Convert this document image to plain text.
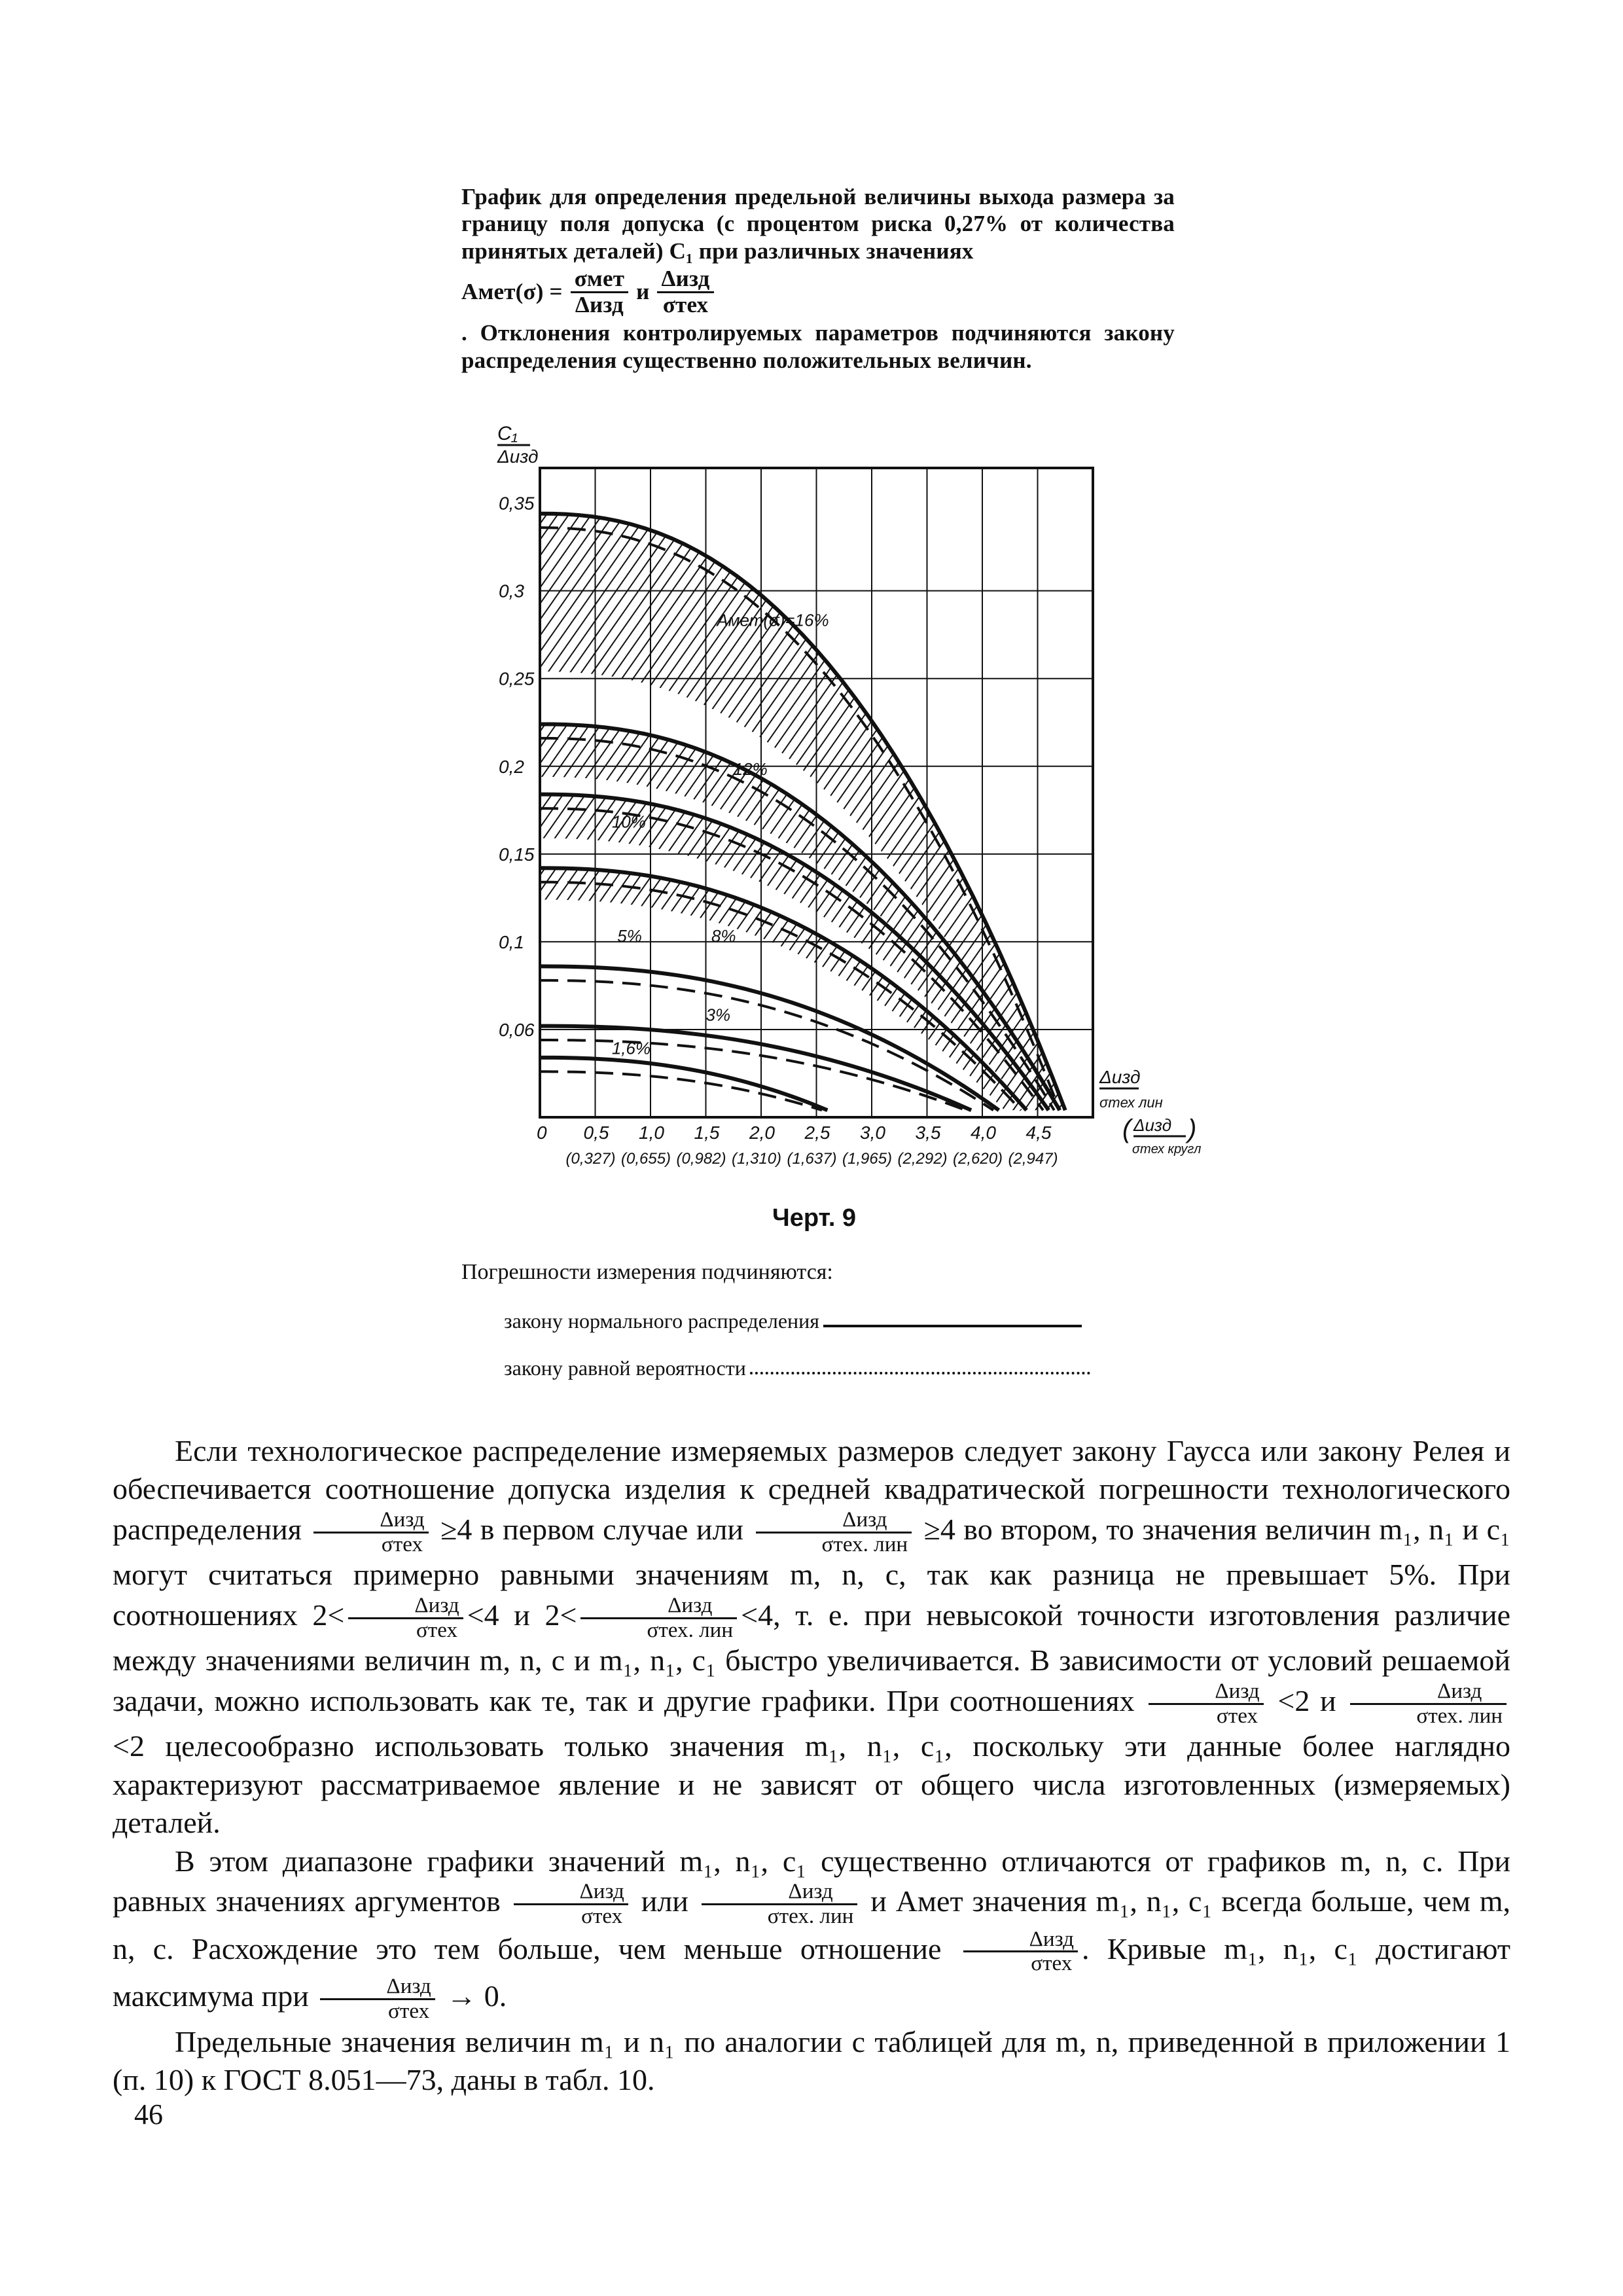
График для определения предельной величины выхода размера за границу поля допуска (с процентом риска 0,27% от количества принятых деталей) C₁ при различных значениях
Aмет(σ) = $\frac{\text{σмет}}{\text{Δизд}}$ и $\frac{\text{Δизд}}{\text{σтех}}$
. Отклонения контролируемых параметров подчиняются закону распределения существенно положительных величин.
C₁
Δизд
0,35
0,3
0,25
0,2
0,15
0,1
0,06
0 0,5 1,0 1,5 2,0 2,5 3,0 3,5 4,0 4,5
(0,327) (0,655) (0,982) (1,310) (1,637) (1,965) (2,292) (2,620) (2,947)
Δизд
σтех лин
( Δизд
σтех кругл
)
Aмет(σ)=16%
12%
10%
8%
5%
3%
1,6%
Черт. 9
Погрешности измерения подчиняются:
закону нормального распределения
закону равной вероятности

Если технологическое распределение измеряемых размеров следует закону Гаусса или закону Релея и обеспечивается соотношение допуска изделия к средней квадратической погрешности технологического распределения $\frac{\text{Δизд}}{\text{σтех}} \ge 4$ в первом случае или $\frac{\text{Δизд}}{\text{σтех. лин}} \ge 4$ во втором, то значения величин m₁, n₁ и c₁ могут считаться примерно равными значениям m, n, c, так как разница не превышает 5%. При соотношениях $2< \frac{\text{Δизд}}{\text{σтех}} <4$ и $2< \frac{\text{Δизд}}{\text{σтех. лин}} <4$, т. е. при невысокой точности изготовления различие между значениями величин m, n, c и m₁, n₁, c₁ быстро увеличивается. В зависимости от условий решаемой задачи, можно использовать как те, так и другие графики. При соотношениях $\frac{\text{Δизд}}{\text{σтех}} <2$ и $\frac{\text{Δизд}}{\text{σтех. лин}}$
<2 целесообразно использовать только значения m₁, n₁, c₁, поскольку эти данные более наглядно характеризуют рассматриваемое явление и не зависят от общего числа изготовленных (измеряемых) деталей.

В этом диапазоне графики значений m₁, n₁, c₁ существенно отличаются от графиков m, n, c. При равных значениях аргументов $\frac{\text{Δизд}}{\text{σтех}}$ или $\frac{\text{Δизд}}{\text{σтех. лин}}$ и Aмет значения m₁, n₁, c₁ всегда больше, чем m, n, c. Расхождение это тем больше, чем меньше отношение $\frac{\text{Δизд}}{\text{σтех}}$ . Кривые m₁, n₁, c₁ достигают максимума при $\frac{\text{Δизд}}{\text{σтех}} \to 0$.

Предельные значения величин m₁ и n₁ по аналогии с таблицей для m, n, приведенной в приложении 1 (п. 10) к ГОСТ 8.051—73, даны в табл. 10.

46
